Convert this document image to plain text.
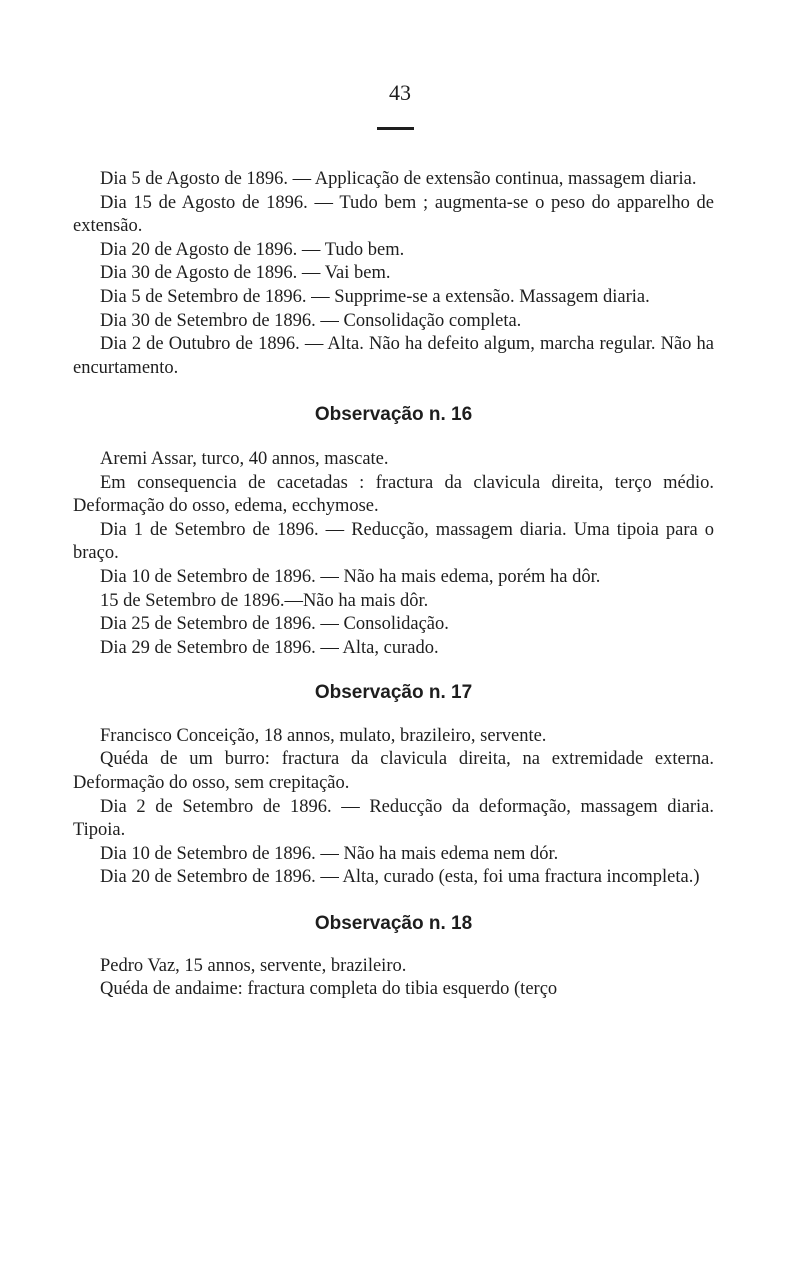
43

Dia 5 de Agosto de 1896. — Applicação de extensão continua, massagem diaria.

Dia 15 de Agosto de 1896. — Tudo bem ; augmenta-se o peso do apparelho de extensão.

Dia 20 de Agosto de 1896. — Tudo bem.

Dia 30 de Agosto de 1896. — Vai bem.

Dia 5 de Setembro de 1896. — Supprime-se a extensão. Massagem diaria.

Dia 30 de Setembro de 1896. — Consolidação completa.

Dia 2 de Outubro de 1896. — Alta. Não ha defeito algum, marcha regular. Não ha encurtamento.

Observação n. 16

Aremi Assar, turco, 40 annos, mascate.

Em consequencia de cacetadas : fractura da clavicula direita, terço médio. Deformação do osso, edema, ecchymose.

Dia 1 de Setembro de 1896. — Reducção, massagem diaria. Uma tipoia para o braço.

Dia 10 de Setembro de 1896. — Não ha mais edema, porém ha dôr.

15 de Setembro de 1896.—Não ha mais dôr.

Dia 25 de Setembro de 1896. — Consolidação.

Dia 29 de Setembro de 1896. — Alta, curado.

Observação n. 17

Francisco Conceição, 18 annos, mulato, brazileiro, servente.

Quéda de um burro: fractura da clavicula direita, na extremidade externa. Deformação do osso, sem crepitação.

Dia 2 de Setembro de 1896. — Reducção da deformação, massagem diaria. Tipoia.

Dia 10 de Setembro de 1896. — Não ha mais edema nem dór.

Dia 20 de Setembro de 1896. — Alta, curado (esta, foi uma fractura incompleta.)

Observação n. 18

Pedro Vaz, 15 annos, servente, brazileiro.

Quéda de andaime: fractura completa do tibia esquerdo (terço
